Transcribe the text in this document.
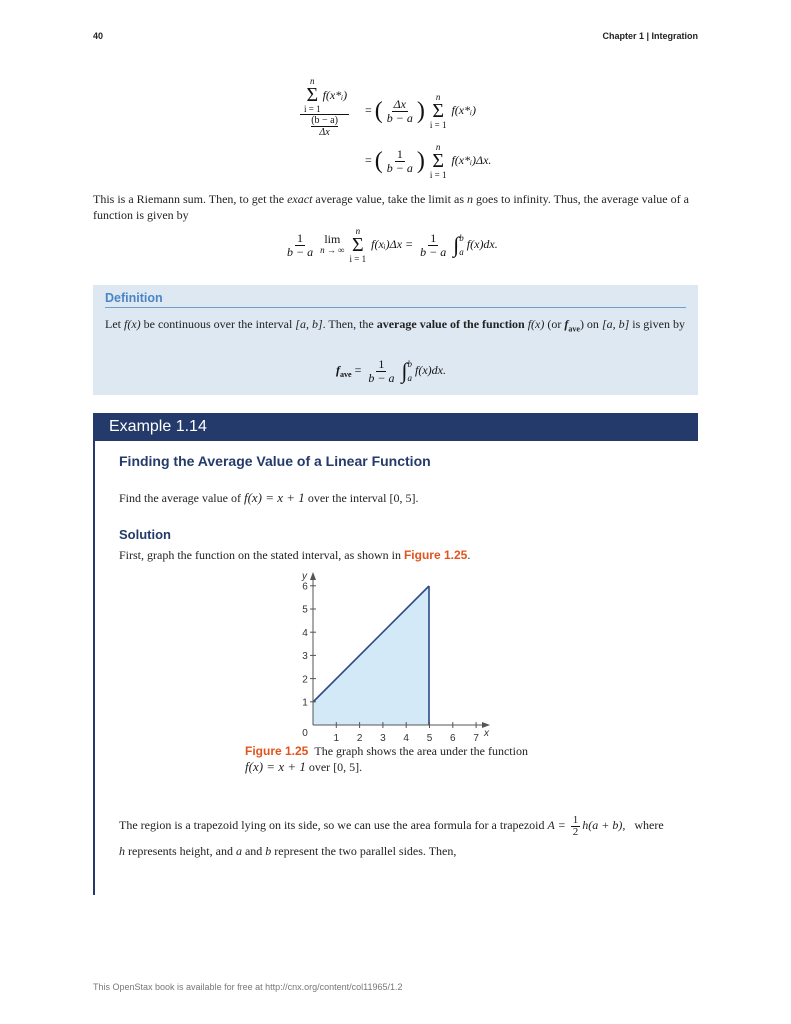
40	Chapter 1 | Integration
n
Σ
i = 1
f(x*ᵢ)
(b − a)
Δx = ( $\frac{\Delta x}{b - a}$ )
n
Σ
i = 1
f(x*ᵢ)
= ( $\frac{1}{b - a}$ )
n
Σ
i = 1
f(x*ᵢ)Δx.
This is a Riemann sum. Then, to get the exact average value, take the limit as n goes to infinity. Thus, the average value of a function is given by
$\frac{1}{b - a}$
lim
n → ∞

n
Σ
i = 1
f(xᵢ)Δx = $\frac{1}{b - a}$
∫ b
a
f(x)dx.
Definition
Let f(x) be continuous over the interval [a, b]. Then, the average value of the function f(x) (or $f_{ave}$) on [a, b] is given by
$f_{ave} = \frac{1}{b - a}$
∫ b
a
f(x)dx.
Example 1.14
Finding the Average Value of a Linear Function
Find the average value of f(x) = x + 1 over the interval [0, 5].
Solution
First, graph the function on the stated interval, as shown in Figure 1.25.
0	1 2 3 4 5 6 7
1
2
3
4
5
6
x
y
Figure 1.25 The graph shows the area under the function
f(x) = x + 1 over [0, 5].
The region is a trapezoid lying on its side, so we can use the area formula for a trapezoid $A = \frac{1}{2} h(a + b)$, where
h represents height, and a and b represent the two parallel sides. Then,
This OpenStax book is available for free at http://cnx.org/content/col11965/1.2
